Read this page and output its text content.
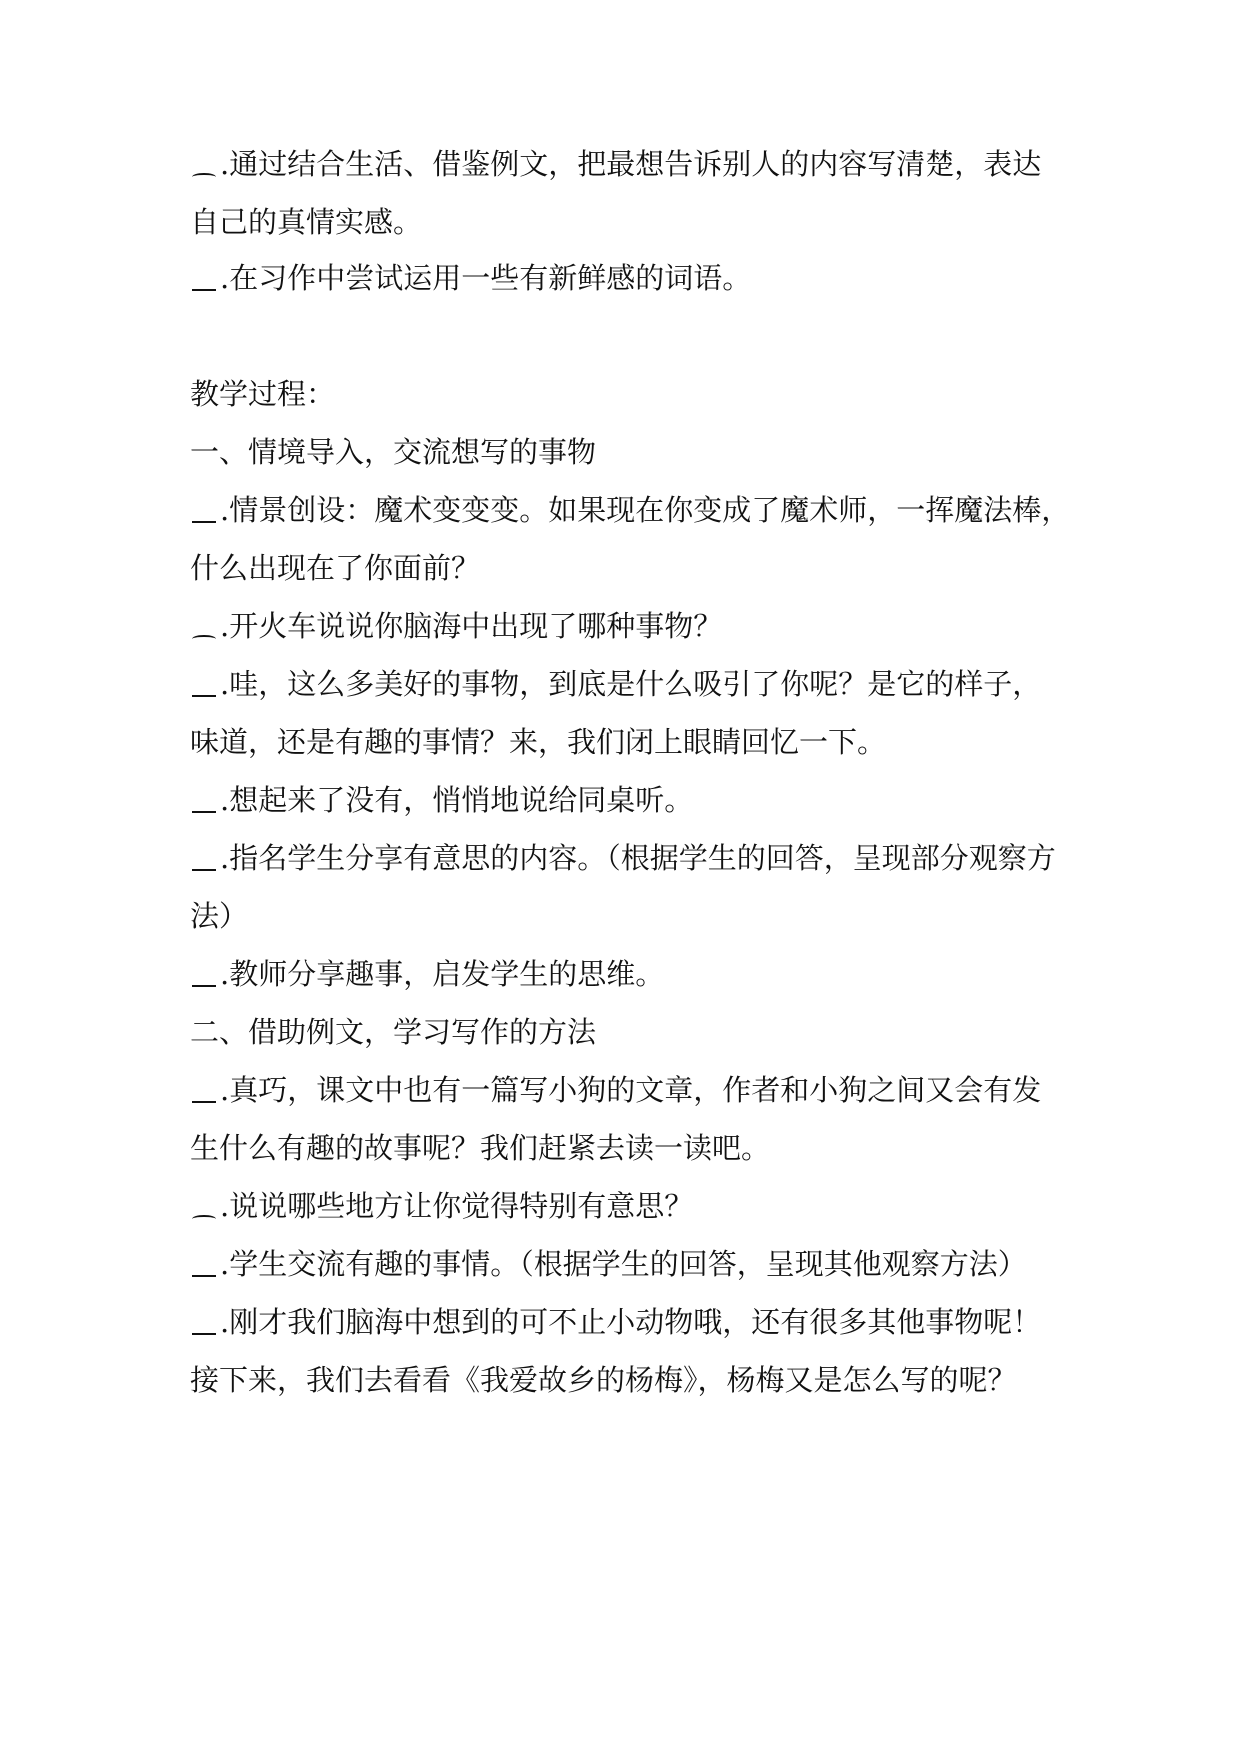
.通过结合生活、借鉴例文，把最想告诉别人的内容写清楚，表达
自己的真情实感。
.在习作中尝试运用一些有新鲜感的词语。
教学过程：
一、情境导入，交流想写的事物
.情景创设：魔术变变变。如果现在你变成了魔术师，一挥魔法棒，
什么出现在了你面前？
.开火车说说你脑海中出现了哪种事物？
.哇，这么多美好的事物，到底是什么吸引了你呢？是它的样子，
味道，还是有趣的事情？来，我们闭上眼睛回忆一下。
.想起来了没有，悄悄地说给同桌听。
.指名学生分享有意思的内容。（根据学生的回答，呈现部分观察方
法）
.教师分享趣事，启发学生的思维。
二、借助例文，学习写作的方法
.真巧，课文中也有一篇写小狗的文章，作者和小狗之间又会有发
生什么有趣的故事呢？我们赶紧去读一读吧。
.说说哪些地方让你觉得特别有意思？
.学生交流有趣的事情。（根据学生的回答，呈现其他观察方法）
.刚才我们脑海中想到的可不止小动物哦，还有很多其他事物呢！
接下来，我们去看看《我爱故乡的杨梅》，杨梅又是怎么写的呢？
